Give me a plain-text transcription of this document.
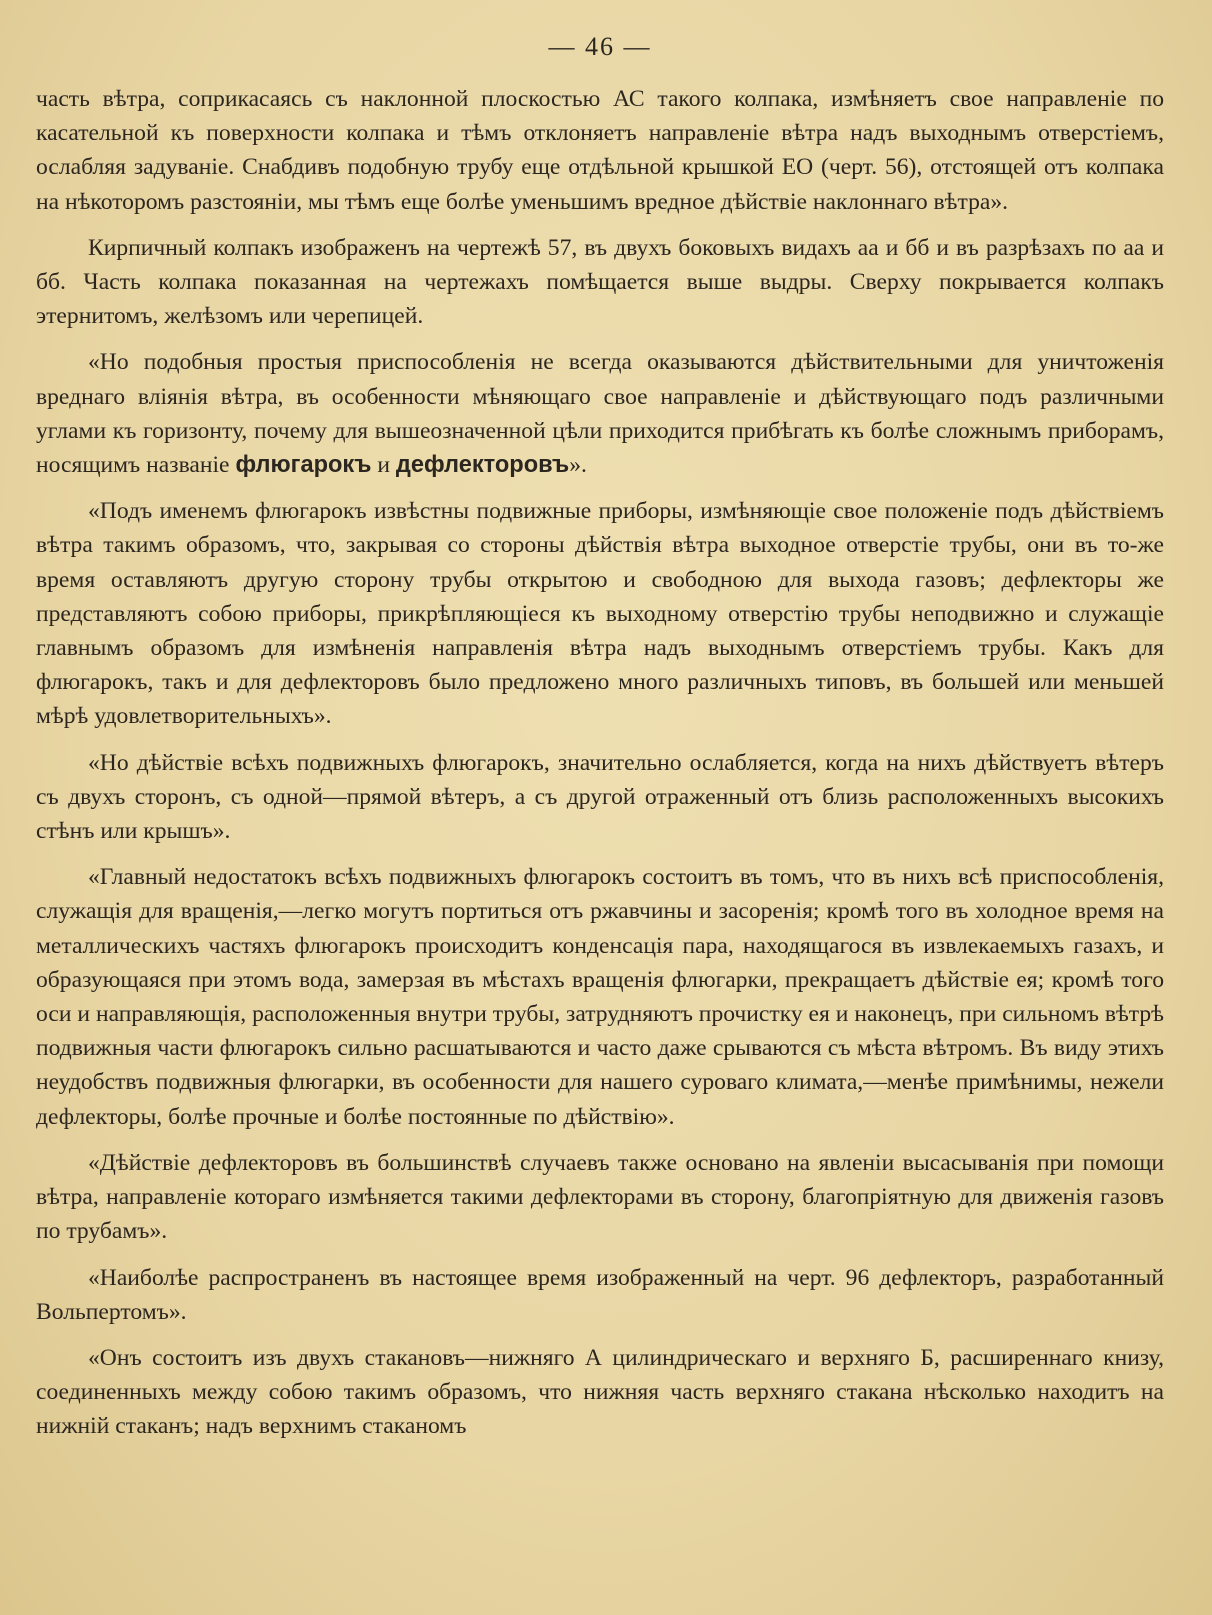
— 46 —

часть вѣтра, соприкасаясь съ наклонной плоскостью АС такого колпака, измѣняетъ свое направленіе по касательной къ поверхности колпака и тѣмъ отклоняетъ направленіе вѣтра надъ выходнымъ отверстіемъ, ослабляя задуваніе. Снабдивъ подобную трубу еще отдѣльной крышкой ЕО (черт. 56), отстоящей отъ колпака на нѣкоторомъ разстояніи, мы тѣмъ еще болѣе уменьшимъ вредное дѣйствіе наклоннаго вѣтра».

Кирпичный колпакъ изображенъ на чертежѣ 57, въ двухъ боковыхъ видахъ аа и бб и въ разрѣзахъ по аа и бб. Часть колпака показанная на чертежахъ помѣщается выше выдры. Сверху покрывается колпакъ этернитомъ, желѣзомъ или черепицей.

«Но подобныя простыя приспособленія не всегда оказываются дѣйствительными для уничтоженія вреднаго вліянія вѣтра, въ особенности мѣняющаго свое направленіе и дѣйствующаго подъ различными углами къ горизонту, почему для вышеозначенной цѣли приходится прибѣгать къ болѣе сложнымъ приборамъ, носящимъ названіе флюгарокъ и дефлекторовъ».

«Подъ именемъ флюгарокъ извѣстны подвижные приборы, измѣняющіе свое положеніе подъ дѣйствіемъ вѣтра такимъ образомъ, что, закрывая со стороны дѣйствія вѣтра выходное отверстіе трубы, они въ то-же время оставляютъ другую сторону трубы открытою и свободною для выхода газовъ; дефлекторы же представляютъ собою приборы, прикрѣпляющіеся къ выходному отверстію трубы неподвижно и служащіе главнымъ образомъ для измѣненія направленія вѣтра надъ выходнымъ отверстіемъ трубы. Какъ для флюгарокъ, такъ и для дефлекторовъ было предложено много различныхъ типовъ, въ большей или меньшей мѣрѣ удовлетворительныхъ».

«Но дѣйствіе всѣхъ подвижныхъ флюгарокъ, значительно ослабляется, когда на нихъ дѣйствуетъ вѣтеръ съ двухъ сторонъ, съ одной—прямой вѣтеръ, а съ другой отраженный отъ близь расположенныхъ высокихъ стѣнъ или крышъ».

«Главный недостатокъ всѣхъ подвижныхъ флюгарокъ состоитъ въ томъ, что въ нихъ всѣ приспособленія, служащія для вращенія,—легко могутъ портиться отъ ржавчины и засоренія; кромѣ того въ холодное время на металлическихъ частяхъ флюгарокъ происходитъ конденсація пара, находящагося въ извлекаемыхъ газахъ, и образующаяся при этомъ вода, замерзая въ мѣстахъ вращенія флюгарки, прекращаетъ дѣйствіе ея; кромѣ того оси и направляющія, расположенныя внутри трубы, затрудняютъ прочистку ея и наконецъ, при сильномъ вѣтрѣ подвижныя части флюгарокъ сильно расшатываются и часто даже срываются съ мѣста вѣтромъ. Въ виду этихъ неудобствъ подвижныя флюгарки, въ особенности для нашего суроваго климата,—менѣе примѣнимы, нежели дефлекторы, болѣе прочные и болѣе постоянные по дѣйствію».

«Дѣйствіе дефлекторовъ въ большинствѣ случаевъ также основано на явленіи высасыванія при помощи вѣтра, направленіе котораго измѣняется такими дефлекторами въ сторону, благопріятную для движенія газовъ по трубамъ».

«Наиболѣе распространенъ въ настоящее время изображенный на черт. 96 дефлекторъ, разработанный Вольпертомъ».

«Онъ состоитъ изъ двухъ стакановъ—нижняго А цилиндрическаго и верхняго Б, расширеннаго книзу, соединенныхъ между собою такимъ образомъ, что нижняя часть верхняго стакана нѣсколько находитъ на нижній стаканъ; надъ верхнимъ стаканомъ
